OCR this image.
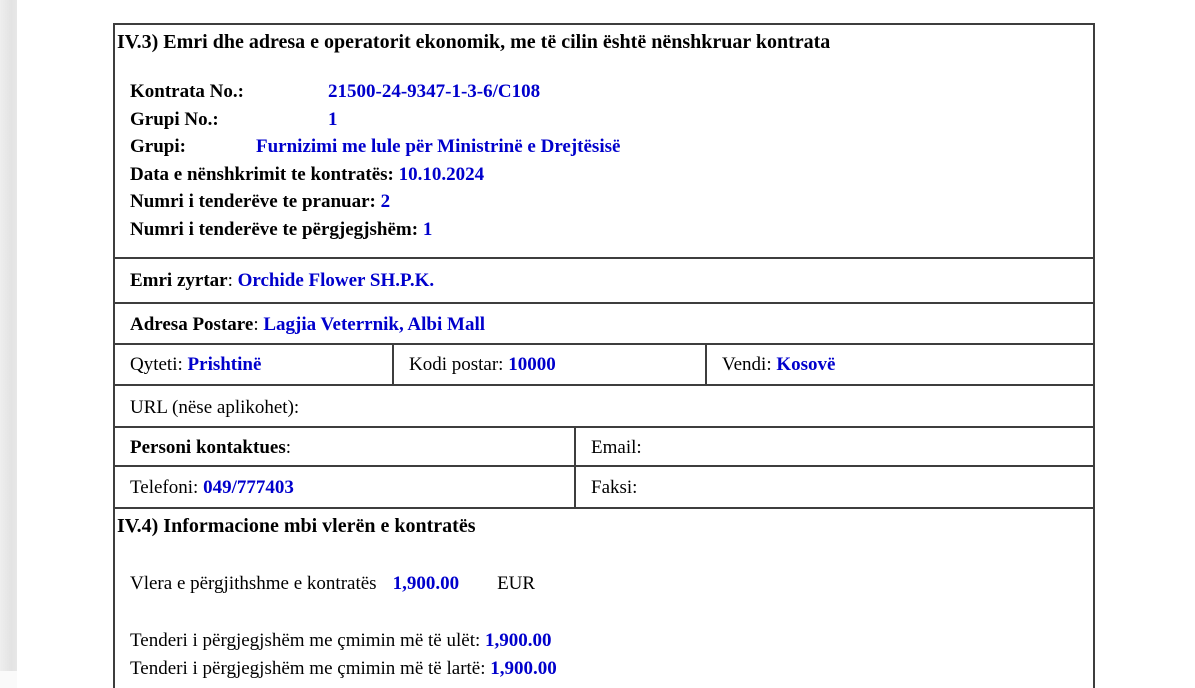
IV.3) Emri dhe adresa e operatorit ekonomik, me të cilin është nënshkruar kontrata
Kontrata No.:	21500-24-9347-1-3-6/C108
Grupi No.:	1
Grupi:	Furnizimi me lule për Ministrinë e Drejtësisë
Data e nënshkrimit te kontratës: 10.10.2024
Numri i tenderëve te pranuar: 2
Numri i tenderëve te përgjegjshëm: 1
Emri zyrtar: Orchide Flower SH.P.K.
Adresa Postare: Lagjia Veterrnik, Albi Mall
Qyteti: Prishtinë	Kodi postar: 10000	Vendi: Kosovë
URL (nëse aplikohet):
Personi kontaktues:	Email:
Telefoni: 049/777403	Faksi:
IV.4) Informacione mbi vlerën e kontratës
Vlera e përgjithshme e kontratës 1,900.00 EUR
Tenderi i përgjegjshëm me çmimin më të ulët: 1,900.00
Tenderi i përgjegjshëm me çmimin më të lartë: 1,900.00
